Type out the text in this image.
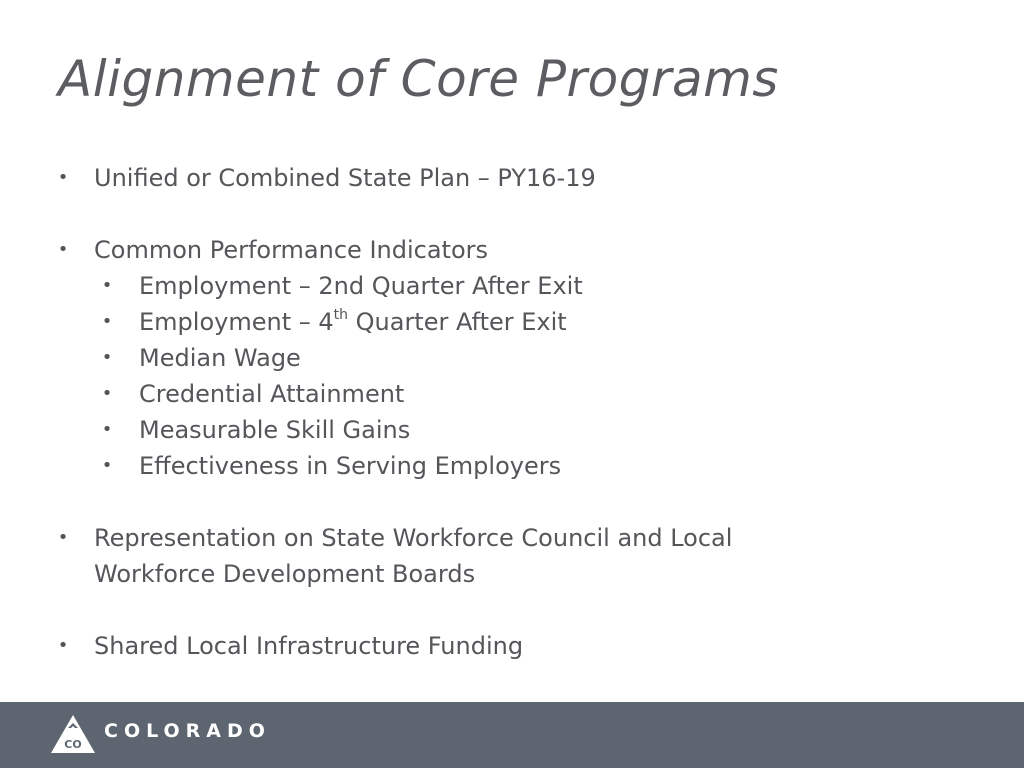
Alignment of Core Programs
• Unified or Combined State Plan – PY16-19
• Common Performance Indicators
• Employment – 2nd Quarter After Exit
• Employment – 4th Quarter After Exit
• Median Wage
• Credential Attainment
• Measurable Skill Gains
• Effectiveness in Serving Employers
• Representation on State Workforce Council and Local
Workforce Development Boards
• Shared Local Infrastructure Funding
CO
COLORADO
